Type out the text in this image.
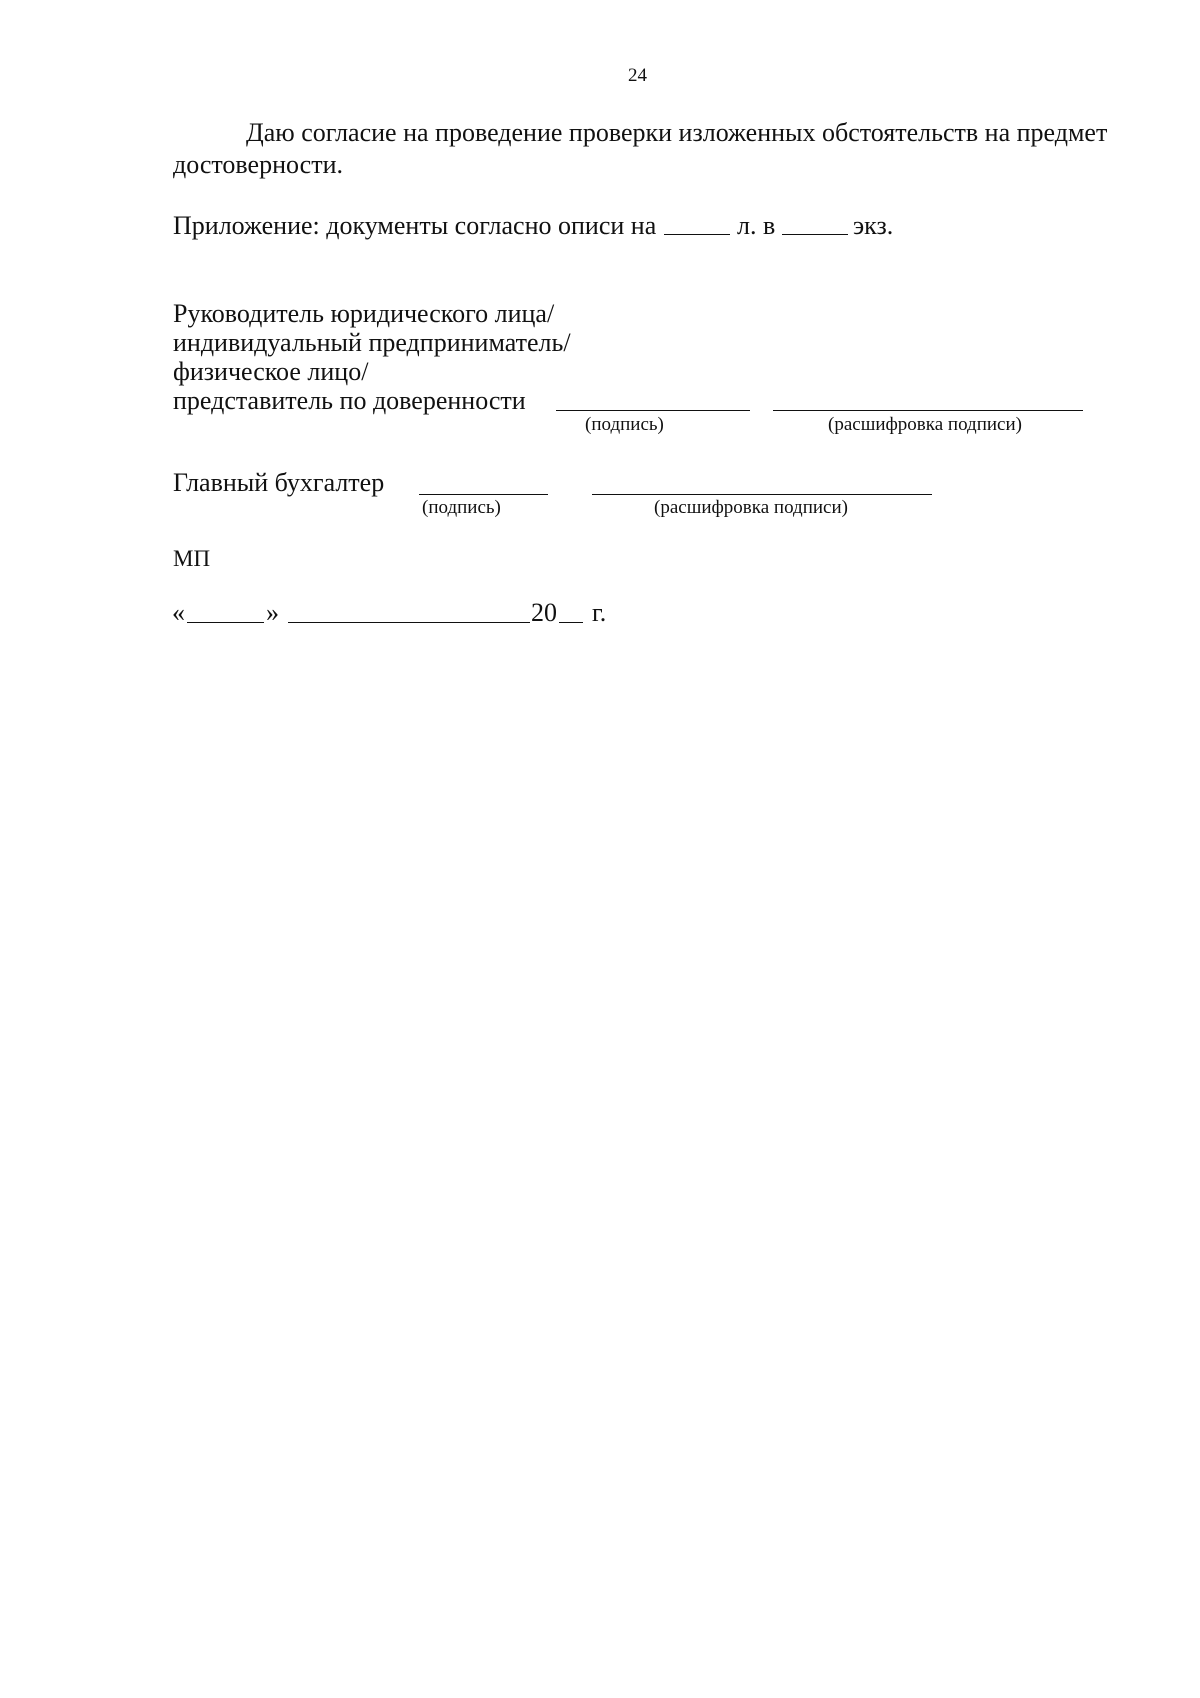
24
Даю согласие на проведение проверки изложенных обстоятельств на предмет
достоверности.
Приложение: документы согласно описи на	л. в	экз.
Руководитель юридического лица/
индивидуальный предприниматель/
физическое лицо/
представитель по доверенности
(подпись)	(расшифровка подписи)
Главный бухгалтер
(подпись)	(расшифровка подписи)
МП
«	»	20 г.
